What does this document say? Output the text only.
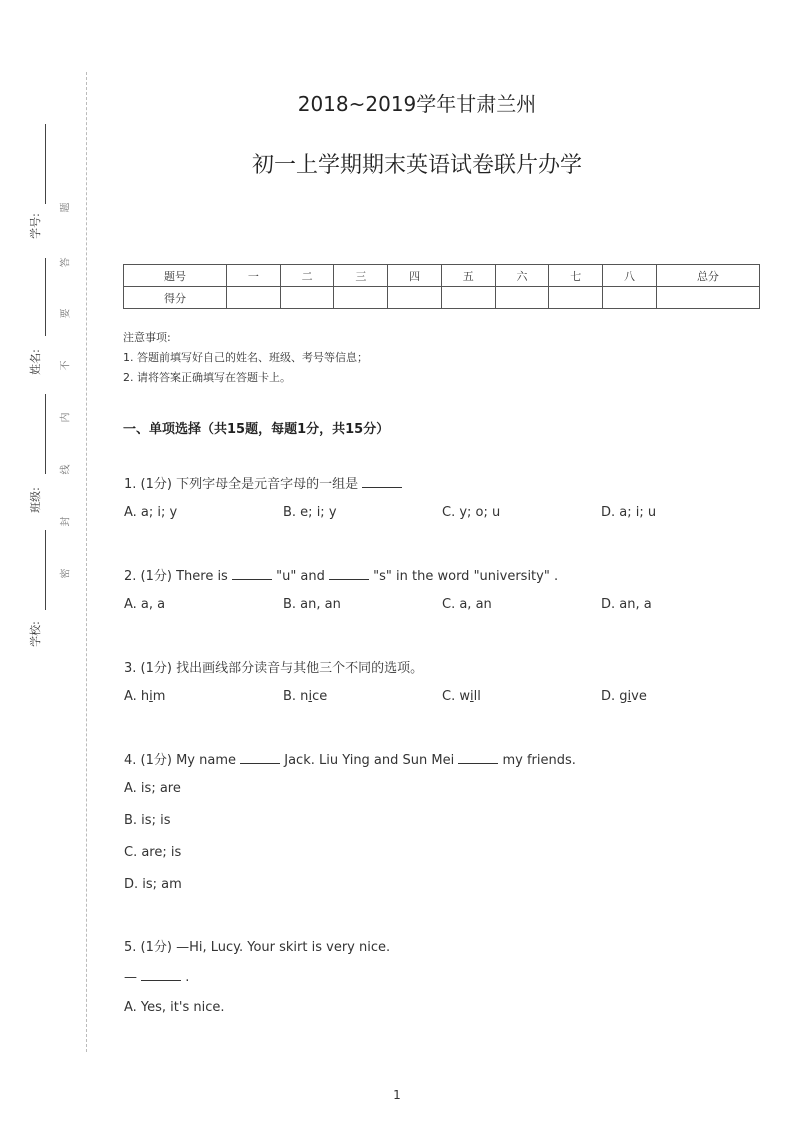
学号:
姓名:
班级:
学校:
题
答
要
不
内
线
封
密
2018~2019学年甘肃兰州
初一上学期期末英语试卷联片办学
题号	一	二	三	四	五	六	七	八	总分
得分									
注意事项:
1. 答题前填写好自己的姓名、班级、考号等信息；
2. 请将答案正确填写在答题卡上。
一、单项选择（共15题，每题1分，共15分）
1. (1分) 下列字母全是元音字母的一组是
A. a; i; y	B. e; i; y	C. y; o; u	D. a; i; u
2. (1分) There is	"u" and	"s" in the word "university" .
A. a, a	B. an, an	C. a, an	D. an, a
3. (1分) 找出画线部分读音与其他三个不同的选项。
A. him	B. nice	C. will	D. give
4. (1分) My name	Jack. Liu Ying and Sun Mei	my friends.
A. is; are
B. is; is
C. are; is
D. is; am
5. (1分) —Hi, Lucy. Your skirt is very nice.
—	.
A. Yes, it's nice.
1
